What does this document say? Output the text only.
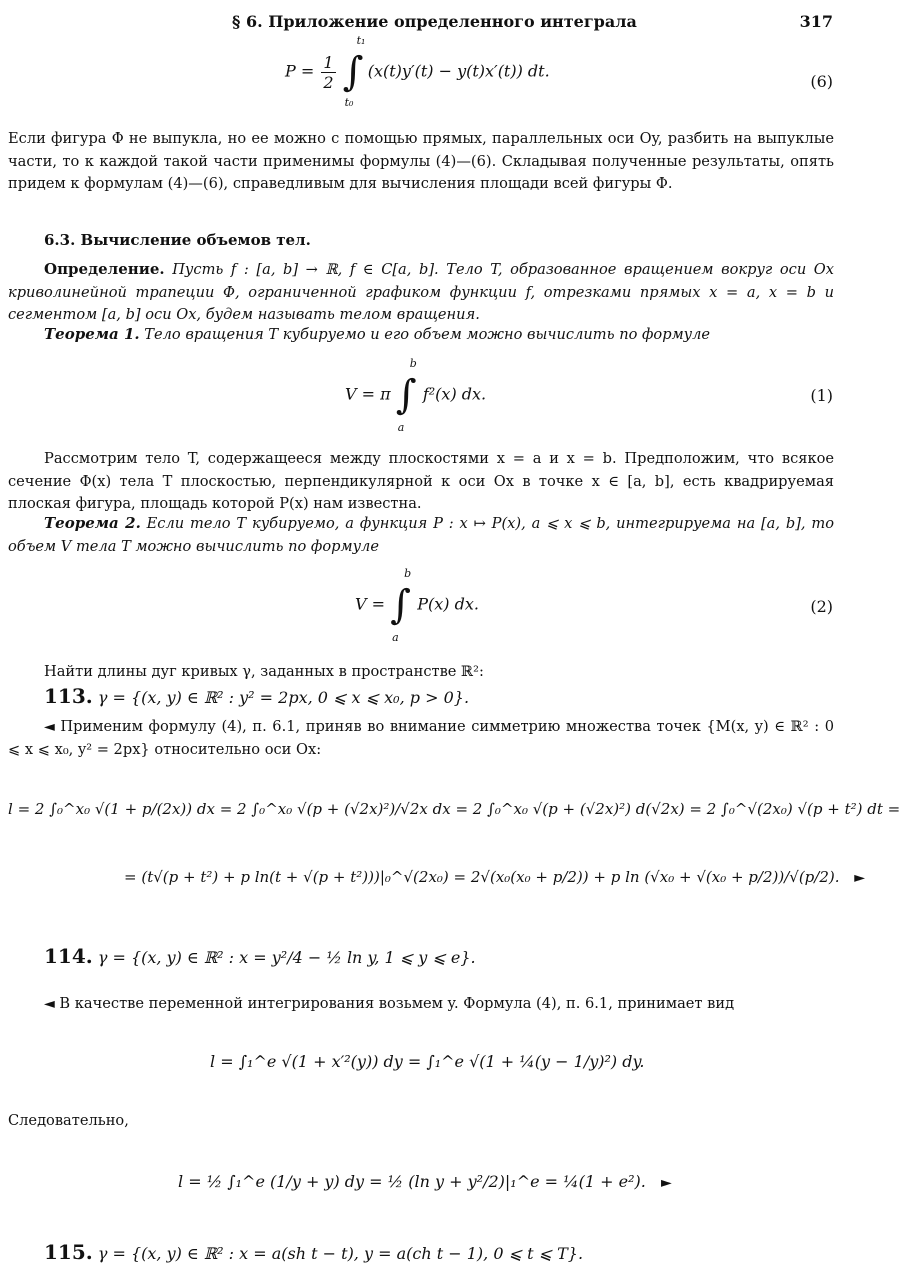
§ 6. Приложение определенного интеграла	317
$P = \frac{1}{2}$ ∫
t₁
t₀
(x(t)y′(t) − y(t)x′(t)) dt.
(6)
Если фигура Φ не выпукла, но ее можно с помощью прямых, параллельных оси Oy, разбить на выпуклые части, то к каждой такой части применимы формулы (4)—(6). Складывая полученные результаты, опять придем к формулам (4)—(6), справедливым для вычисления площади всей фигуры Φ.
6.3. Вычисление объемов тел.
Определение. Пусть f : [a, b] → ℝ, f ∈ C[a, b]. Тело T, образованное вращением вокруг оси Ox криволинейной трапеции Φ, ограниченной графиком функции f, отрезками прямых x = a, x = b и сегментом [a, b] оси Ox, будем называть телом вращения.
Теорема 1. Тело вращения T кубируемо и его объем можно вычислить по формуле
V = π ∫
b
a
f²(x) dx.	(1)
Рассмотрим тело T, содержащееся между плоскостями x = a и x = b. Предположим, что всякое сечение Φ(x) тела T плоскостью, перпендикулярной к оси Ox в точке x ∈ [a, b], есть квадрируемая плоская фигура, площадь которой P(x) нам известна.
Теорема 2. Если тело T кубируемо, а функция P : x ↦ P(x), a ⩽ x ⩽ b, интегрируема на [a, b], то объем V тела T можно вычислить по формуле
V = ∫
b
a
P(x) dx.	(2)
Найти длины дуг кривых γ, заданных в пространстве ℝ²:
113. γ = {(x, y) ∈ ℝ² : y² = 2px, 0 ⩽ x ⩽ x₀, p > 0}.
◄ Применим формулу (4), п. 6.1, приняв во внимание симметрию множества точек {M(x, y) ∈ ℝ² : 0 ⩽ x ⩽ x₀, y² = 2px} относительно оси Ox:
l = 2 ∫₀^x₀ √(1 + p/(2x)) dx = 2 ∫₀^x₀ √(p + (√2x)²)/√2x dx = 2 ∫₀^x₀ √(p + (√2x)²) d(√2x) = 2 ∫₀^√(2x₀) √(p + t²) dt =
= (t√(p + t²) + p ln(t + √(p + t²)))|₀^√(2x₀) = 2√(x₀(x₀ + p/2)) + p ln (√x₀ + √(x₀ + p/2))/√(p/2). ►
114. γ = {(x, y) ∈ ℝ² : x = y²/4 − ½ ln y, 1 ⩽ y ⩽ e}.
◄ В качестве переменной интегрирования возьмем y. Формула (4), п. 6.1, принимает вид
l = ∫₁^e √(1 + x′²(y)) dy = ∫₁^e √(1 + ¼(y − 1/y)²) dy.
Следовательно,
l = ½ ∫₁^e (1/y + y) dy = ½ (ln y + y²/2)|₁^e = ¼(1 + e²). ►
115. γ = {(x, y) ∈ ℝ² : x = a(sh t − t), y = a(ch t − 1), 0 ⩽ t ⩽ T}.
